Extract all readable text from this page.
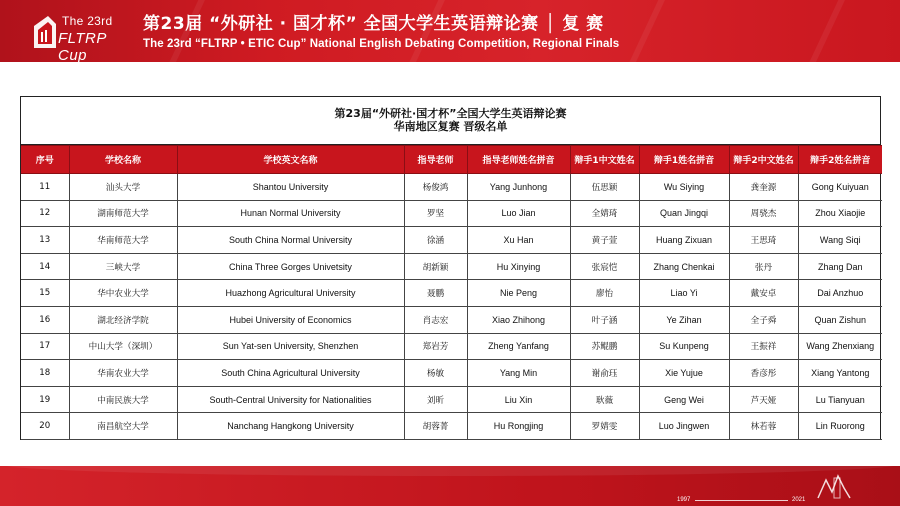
The 23rd
FLTRP Cup
第23届 “外研社 · 国才杯” 全国大学生英语辩论赛 │ 复 赛
The 23rd “FLTRP • ETIC Cup” National English Debating Competition, Regional Finals
第23届“外研社·国才杯”全国大学生英语辩论赛
华南地区复赛 晋级名单
序号	学校名称	学校英文名称	指导老师	指导老师姓名拼音	辩手1中文姓名	辩手1姓名拼音	辩手2中文姓名	辩手2姓名拼音
11	汕头大学	Shantou University	杨俊鸿	Yang Junhong	伍思颖	Wu Siying	龚奎源	Gong Kuiyuan
12	湖南师范大学	Hunan Normal University	罗坚	Luo Jian	全婧琦	Quan Jingqi	周骁杰	Zhou Xiaojie
13	华南师范大学	South China Normal University	徐涵	Xu Han	黄子萱	Huang Zixuan	王思琦	Wang Siqi
14	三峡大学	China Three Gorges Univetsity	胡新颖	Hu Xinying	张宸恺	Zhang Chenkai	张丹	Zhang Dan
15	华中农业大学	Huazhong Agricultural University	聂鹏	Nie Peng	廖怡	Liao Yi	戴安卓	Dai Anzhuo
16	湖北经济学院	Hubei University of Economics	肖志宏	Xiao Zhihong	叶子涵	Ye Zihan	全子舜	Quan Zishun
17	中山大学（深圳）	Sun Yat-sen University, Shenzhen	郑岩芳	Zheng Yanfang	苏鲲鹏	Su Kunpeng	王振祥	Wang Zhenxiang
18	华南农业大学	South China Agricultural University	杨敏	Yang Min	谢俞珏	Xie Yujue	香彦彤	Xiang Yantong
19	中南民族大学	South-Central University for Nationalities	刘昕	Liu Xin	耿薇	Geng Wei	芦天娅	Lu Tianyuan
20	南昌航空大学	Nanchang Hangkong University	胡蓉菁	Hu Rongjing	罗婧雯	Luo Jingwen	林若蓉	Lin Ruorong
1997	2021
